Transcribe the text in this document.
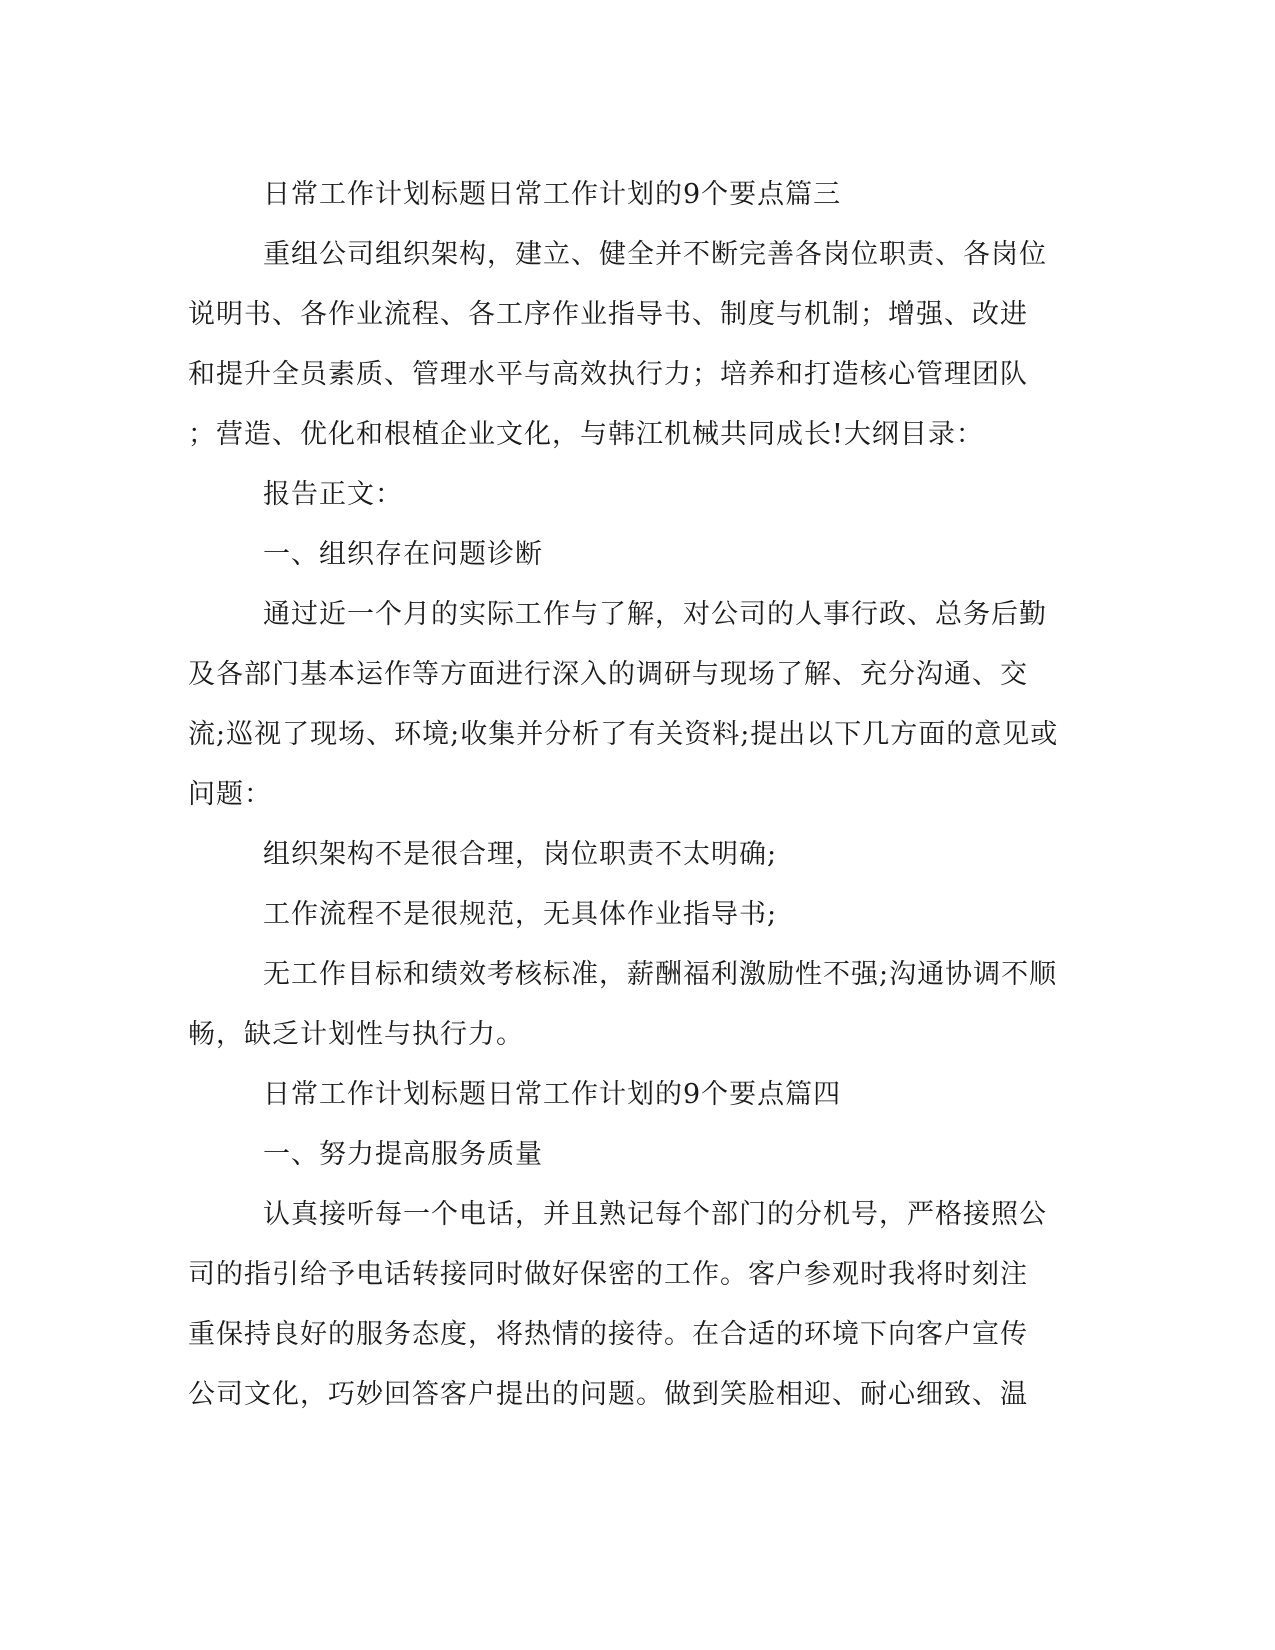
日常工作计划标题日常工作计划的9个要点篇三

重组公司组织架构，建立、健全并不断完善各岗位职责、各岗位

说明书、各作业流程、各工序作业指导书、制度与机制；增强、改进

和提升全员素质、管理水平与高效执行力；培养和打造核心管理团队

；营造、优化和根植企业文化，与韩江机械共同成长!大纲目录：

报告正文：

一、组织存在问题诊断

通过近一个月的实际工作与了解，对公司的人事行政、总务后勤

及各部门基本运作等方面进行深入的调研与现场了解、充分沟通、交

流;巡视了现场、环境;收集并分析了有关资料;提出以下几方面的意见或

问题：

组织架构不是很合理，岗位职责不太明确;

工作流程不是很规范，无具体作业指导书;

无工作目标和绩效考核标准，薪酬福利激励性不强;沟通协调不顺

畅，缺乏计划性与执行力。

日常工作计划标题日常工作计划的9个要点篇四

一、努力提高服务质量

认真接听每一个电话，并且熟记每个部门的分机号，严格接照公

司的指引给予电话转接同时做好保密的工作。客户参观时我将时刻注

重保持良好的服务态度，将热情的接待。在合适的环境下向客户宣传

公司文化，巧妙回答客户提出的问题。做到笑脸相迎、耐心细致、温
